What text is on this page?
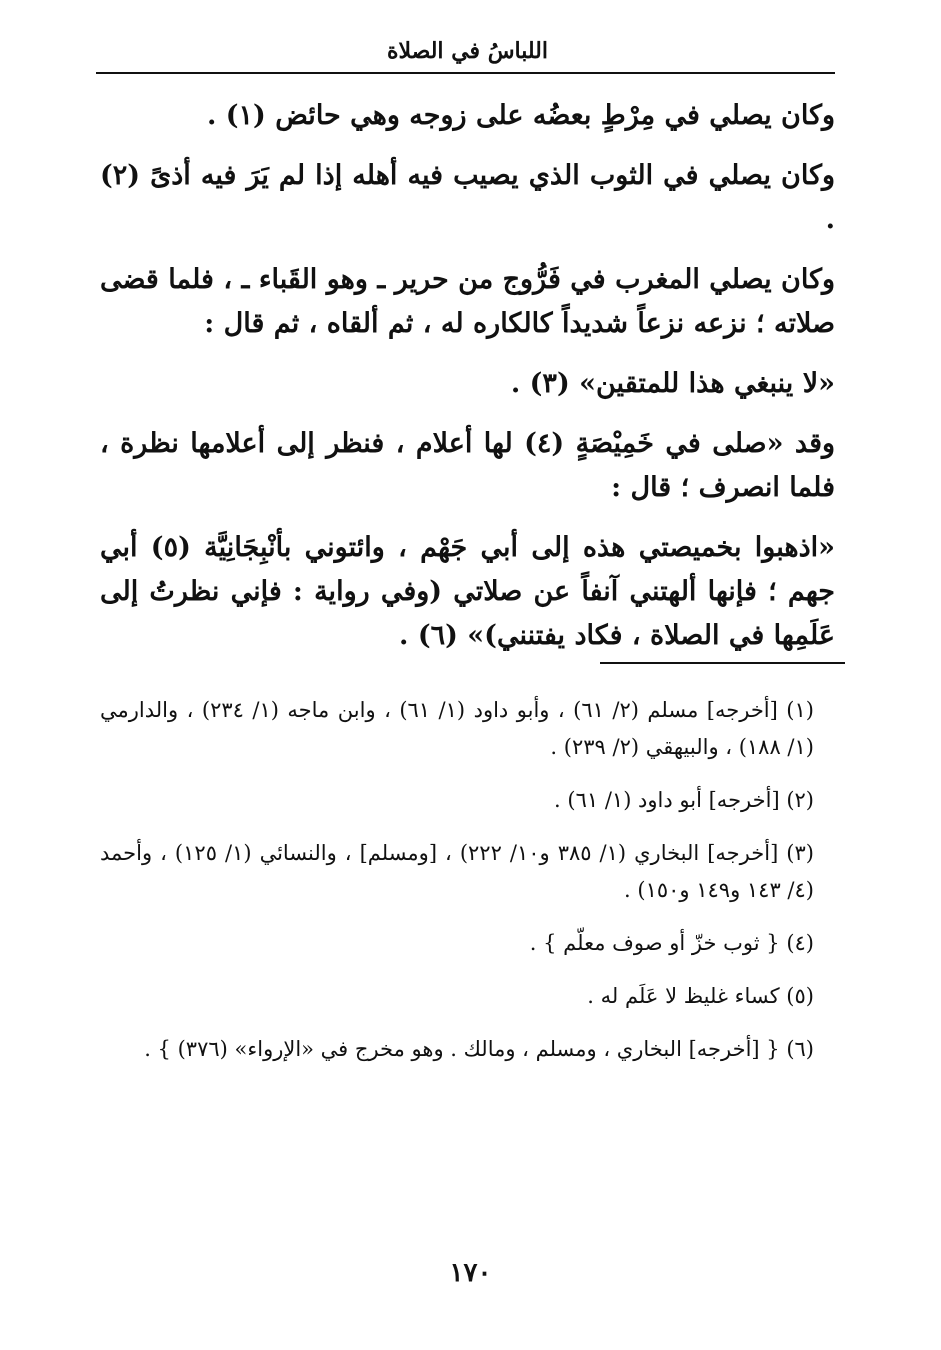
اللباسُ في الصلاة

وكان يصلي في مِرْطٍ بعضُه على زوجه وهي حائض (١) .

وكان يصلي في الثوب الذي يصيب فيه أهله إذا لم يَرَ فيه أذىً (٢) .

وكان يصلي المغرب في فَرُّوج من حرير ـ وهو القَباء ـ ، فلما قضى صلاته ؛ نزعه نزعاً شديداً كالكاره له ، ثم ألقاه ، ثم قال :

«لا ينبغي هذا للمتقين» (٣) .

وقد «صلى في خَمِيْصَةٍ (٤) لها أعلام ، فنظر إلى أعلامها نظرة ، فلما انصرف ؛ قال :

«اذهبوا بخميصتي هذه إلى أبي جَهْم ، وائتوني بأنْبِجَانِيَّة (٥) أبي جهم ؛ فإنها ألهتني آنفاً عن صلاتي (وفي رواية : فإني نظرتُ إلى عَلَمِها في الصلاة ، فكاد يفتنني)» (٦) .

(١) [أخرجه] مسلم (٢/ ٦١) ، وأبو داود (١/ ٦١) ، وابن ماجه (١/ ٢٣٤) ، والدارمي (١/ ١٨٨) ، والبيهقي (٢/ ٢٣٩) .

(٢) [أخرجه] أبو داود (١/ ٦١) .

(٣) [أخرجه] البخاري (١/ ٣٨٥ و١٠/ ٢٢٢) ، [ومسلم] ، والنسائي (١/ ١٢٥) ، وأحمد (٤/ ١٤٣ و١٤٩ و١٥٠) .

(٤) { ثوب خزّ أو صوف معلّم } .

(٥) كساء غليظ لا عَلَم له .

(٦) { [أخرجه] البخاري ، ومسلم ، ومالك . وهو مخرج في «الإرواء» (٣٧٦) } .

١٧٠
